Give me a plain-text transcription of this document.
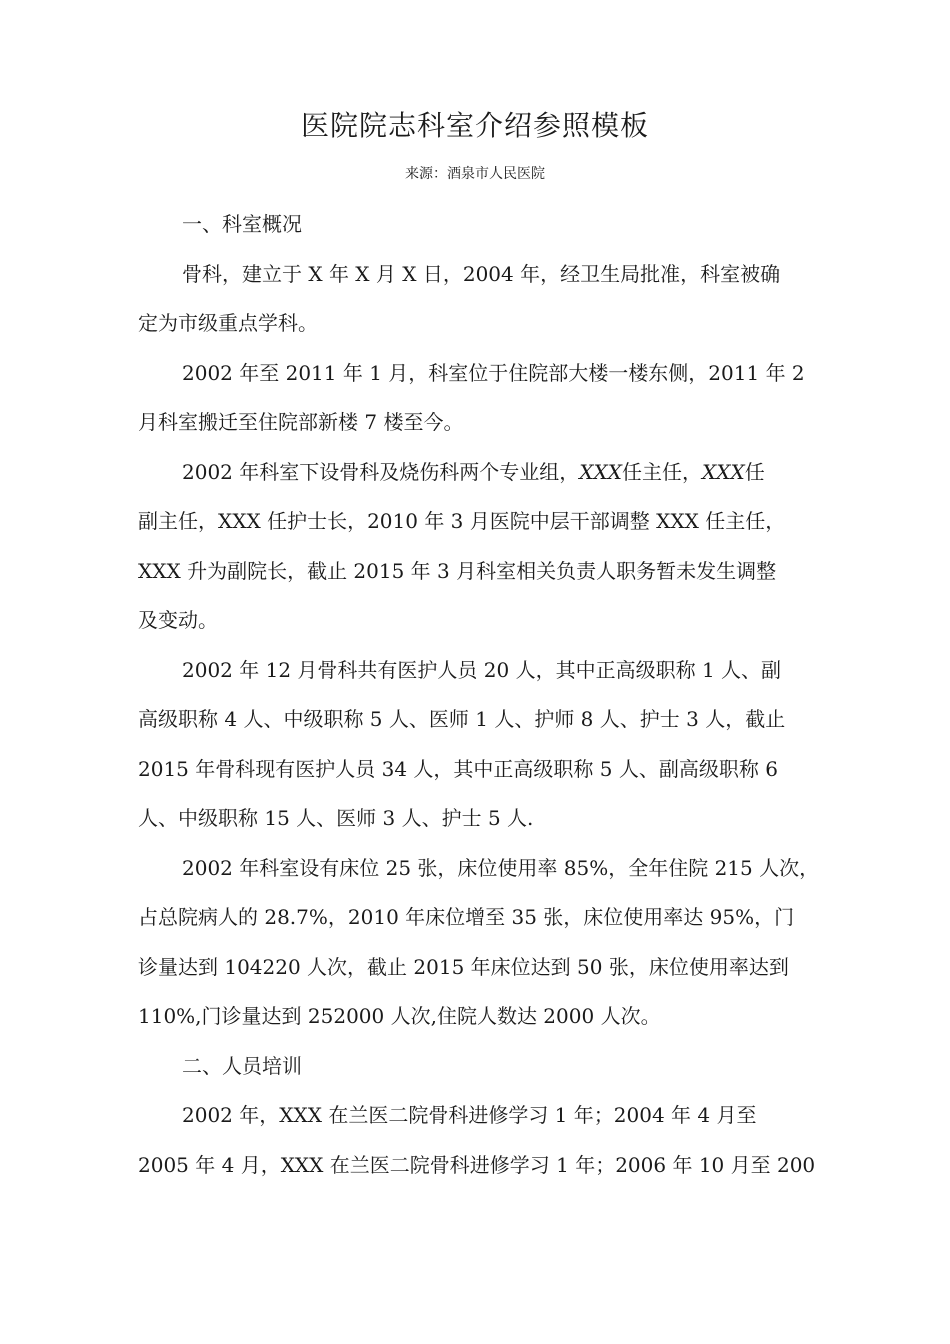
医院院志科室介绍参照模板
来源：酒泉市人民医院
一、科室概况
骨科，建立于 X 年 X 月 X 日，2004 年，经卫生局批准，科室被确
定为市级重点学科。
2002 年至 2011 年 1 月，科室位于住院部大楼一楼东侧，2011 年 2
月科室搬迁至住院部新楼 7 楼至今。
2002 年科室下设骨科及烧伤科两个专业组，XXX任主任，XXX任
副主任，XXX 任护士长，2010 年 3 月医院中层干部调整 XXX 任主任，
XXX 升为副院长，截止 2015 年 3 月科室相关负责人职务暂未发生调整
及变动。
2002 年 12 月骨科共有医护人员 20 人，其中正高级职称 1 人、副
高级职称 4 人、中级职称 5 人、医师 1 人、护师 8 人、护士 3 人，截止
2015 年骨科现有医护人员 34 人，其中正高级职称 5 人、副高级职称 6
人、中级职称 15 人、医师 3 人、护士 5 人.
2002 年科室设有床位 25 张，床位使用率 85%，全年住院 215 人次，
占总院病人的 28.7%，2010 年床位增至 35 张，床位使用率达 95%，门
诊量达到 104220 人次，截止 2015 年床位达到 50 张，床位使用率达到
110%,门诊量达到 252000 人次,住院人数达 2000 人次。
二、人员培训
2002 年，XXX 在兰医二院骨科进修学习 1 年；2004 年 4 月至
2005 年 4 月，XXX 在兰医二院骨科进修学习 1 年；2006 年 10 月至 200
